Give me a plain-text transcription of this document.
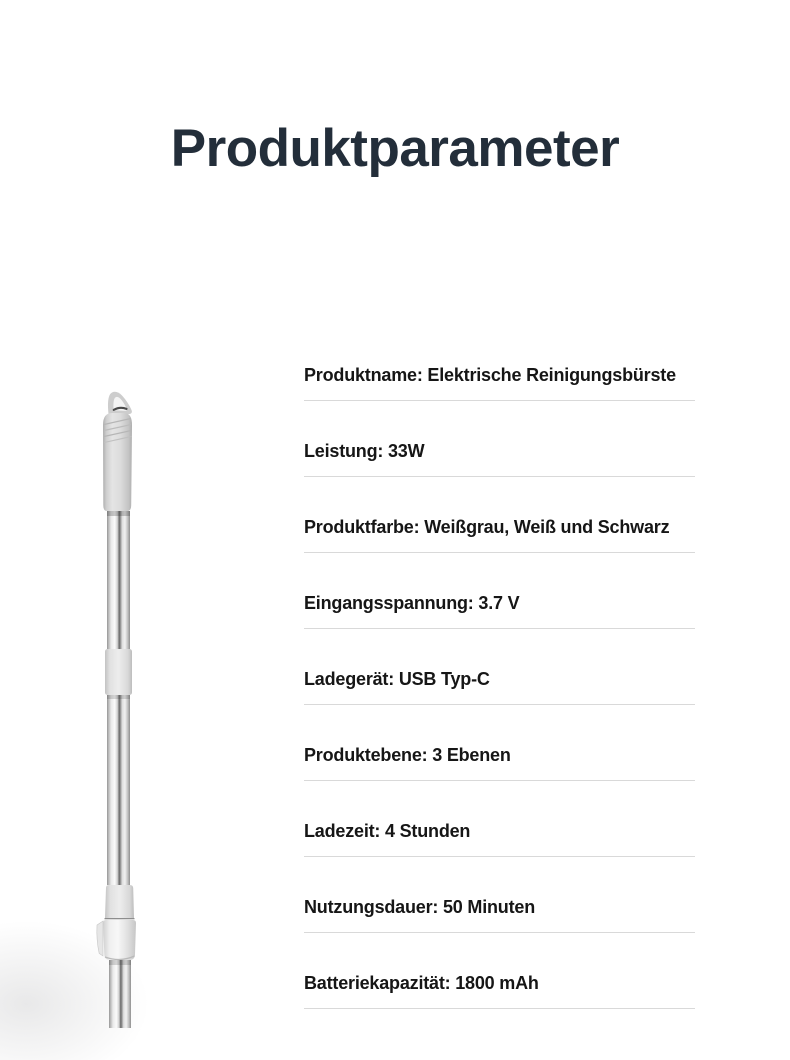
Produktparameter
Produktname: Elektrische Reinigungsbürste
Leistung: 33W
Produktfarbe: Weißgrau, Weiß und Schwarz
Eingangsspannung: 3.7 V
Ladegerät: USB Typ-C
Produktebene: 3 Ebenen
Ladezeit: 4 Stunden
Nutzungsdauer: 50 Minuten
Batteriekapazität: 1800 mAh
